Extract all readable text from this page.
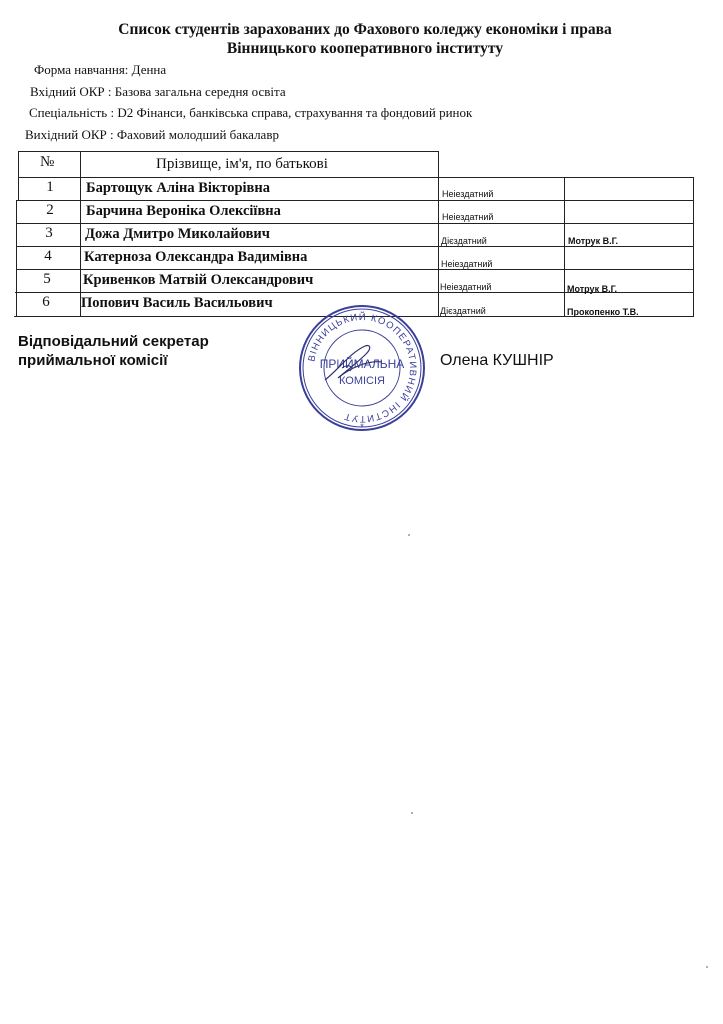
Список студентів зарахованих до Фахового коледжу економіки і права
Вінницького кооперативного інституту
Форма навчання: Денна
Вхідний ОКР : Базова загальна середня освіта
Спеціальність : D2 Фінанси, банківська справа, страхування та фондовий ринок
Вихідний ОКР : Фаховий молодший бакалавр
№	Прізвище, ім'я, по батькові
1	Бартощук Аліна Вікторівна	Неіездатний
2	Барчина Вероніка Олексіївна	Неіездатний
3	Дожа Дмитро Миколайович	Дієздатний	Мотрук В.Г.
4	Катерноза Олександра Вадимівна	Неіездатний
5	Кривенков Матвій Олександрович	Неіездатний	Мотрук В.Г.
6	Попович Василь Васильович	Дієздатний	Прокопенко Т.В.
Відповідальний секретар
приймальної комісії	ВІННИЦЬКИЙ КООПЕРАТИВНИЙ ІНСТИТУТ
ПРИЙМАЛЬНА
КОМІСІЯ
*
Олена КУШНІР
